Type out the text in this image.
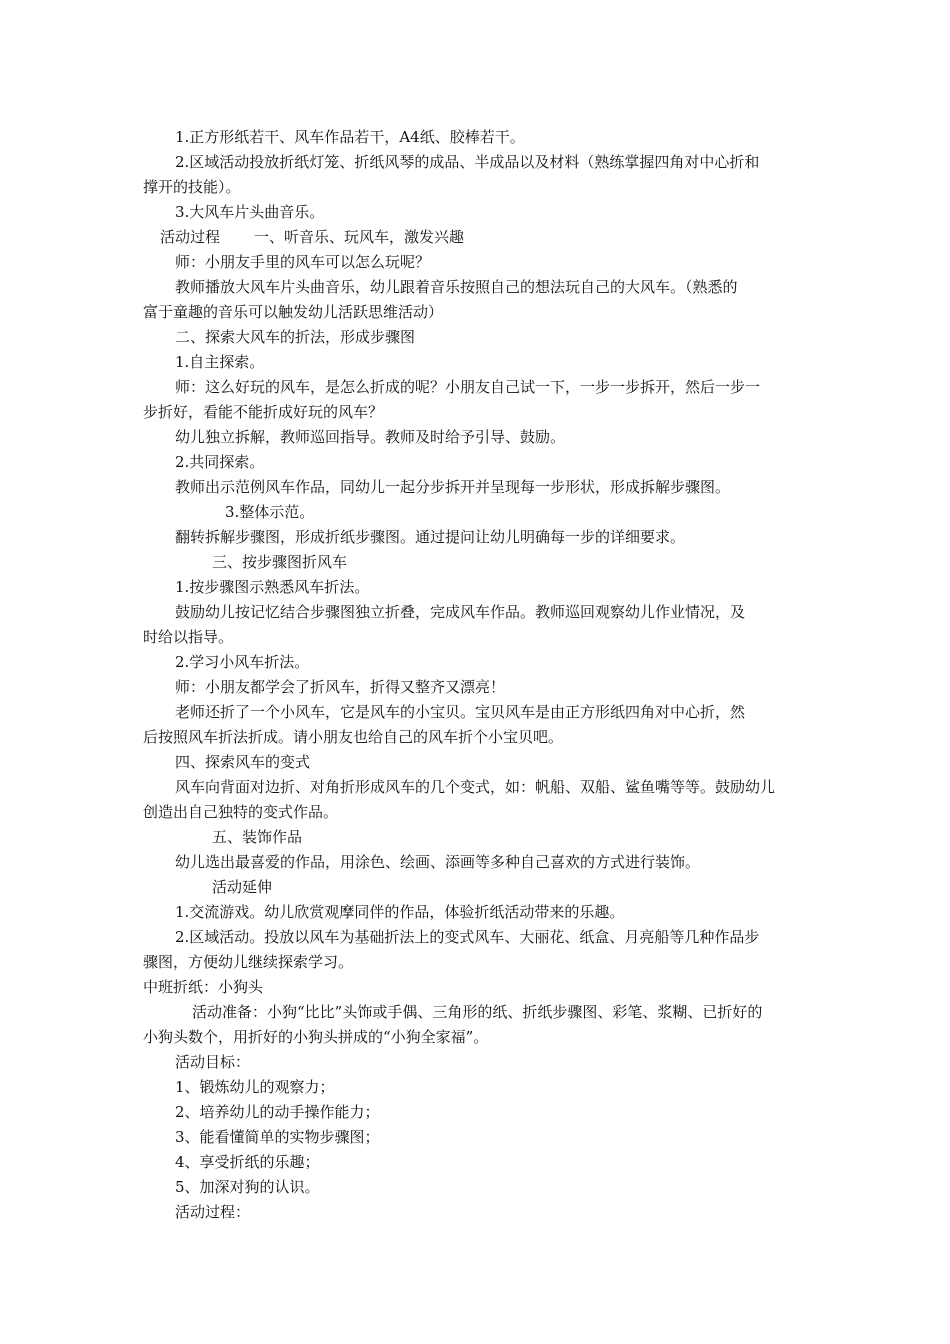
1.正方形纸若干、风车作品若干，A4纸、胶棒若干。
2.区域活动投放折纸灯笼、折纸风琴的成品、半成品以及材料（熟练掌握四角对中心折和
撑开的技能）。
3.大风车片头曲音乐。
活动过程 一、听音乐、玩风车，激发兴趣
师：小朋友手里的风车可以怎么玩呢？
教师播放大风车片头曲音乐，幼儿跟着音乐按照自己的想法玩自己的大风车。（熟悉的
富于童趣的音乐可以触发幼儿活跃思维活动）
二、探索大风车的折法，形成步骤图
1.自主探索。
师：这么好玩的风车，是怎么折成的呢？小朋友自己试一下，一步一步拆开，然后一步一
步折好，看能不能折成好玩的风车？
幼儿独立拆解，教师巡回指导。教师及时给予引导、鼓励。
2.共同探索。
教师出示范例风车作品，同幼儿一起分步拆开并呈现每一步形状，形成拆解步骤图。
3.整体示范。
翻转拆解步骤图，形成折纸步骤图。通过提问让幼儿明确每一步的详细要求。
三、按步骤图折风车
1.按步骤图示熟悉风车折法。
鼓励幼儿按记忆结合步骤图独立折叠，完成风车作品。教师巡回观察幼儿作业情况，及
时给以指导。
2.学习小风车折法。
师：小朋友都学会了折风车，折得又整齐又漂亮！
老师还折了一个小风车，它是风车的小宝贝。宝贝风车是由正方形纸四角对中心折，然
后按照风车折法折成。请小朋友也给自己的风车折个小宝贝吧。
四、探索风车的变式
风车向背面对边折、对角折形成风车的几个变式，如：帆船、双船、鲨鱼嘴等等。鼓励幼儿
创造出自己独特的变式作品。
五、装饰作品
幼儿选出最喜爱的作品，用涂色、绘画、添画等多种自己喜欢的方式进行装饰。
活动延伸
1.交流游戏。幼儿欣赏观摩同伴的作品，体验折纸活动带来的乐趣。
2.区域活动。投放以风车为基础折法上的变式风车、大丽花、纸盒、月亮船等几种作品步
骤图，方便幼儿继续探索学习。
中班折纸：小狗头
活动准备：小狗“比比”头饰或手偶、三角形的纸、折纸步骤图、彩笔、浆糊、已折好的
小狗头数个，用折好的小狗头拼成的“小狗全家福”。
活动目标：
1、锻炼幼儿的观察力；
2、培养幼儿的动手操作能力；
3、能看懂简单的实物步骤图；
4、享受折纸的乐趣；
5、加深对狗的认识。
活动过程：
